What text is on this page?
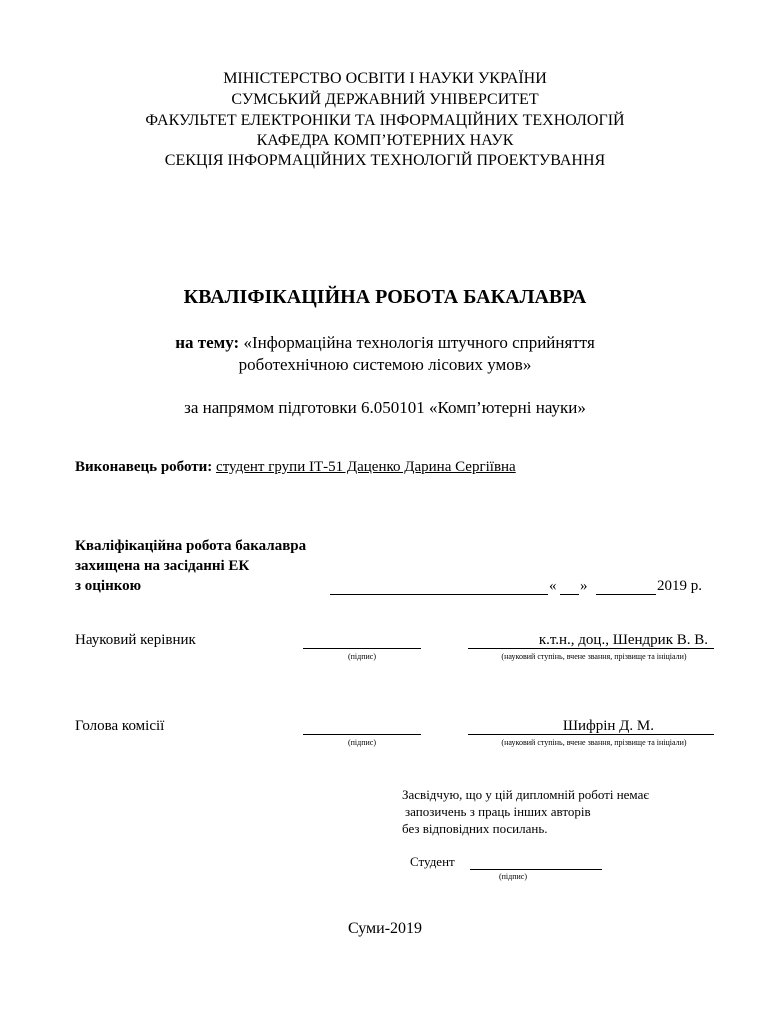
МІНІСТЕРСТВО ОСВІТИ І НАУКИ УКРАЇНИ
СУМСЬКИЙ ДЕРЖАВНИЙ УНІВЕРСИТЕТ
ФАКУЛЬТЕТ ЕЛЕКТРОНІКИ ТА ІНФОРМАЦІЙНИХ ТЕХНОЛОГІЙ
КАФЕДРА КОМП’ЮТЕРНИХ НАУК
СЕКЦІЯ ІНФОРМАЦІЙНИХ ТЕХНОЛОГІЙ ПРОЕКТУВАННЯ
КВАЛІФІКАЦІЙНА РОБОТА БАКАЛАВРА
на тему: «Інформаційна технологія штучного сприйняття
роботехнічною системою лісових умов»
за напрямом підготовки 6.050101 «Комп’ютерні науки»
Виконавець роботи: студент групи ІТ-51 Даценко Дарина Сергіївна
Кваліфікаційна робота бакалавра
захищена на засіданні ЕК
з оцінкою	« »	2019 р.
Науковий керівник
(підпис)
к.т.н., доц., Шендрик В. В.
(науковий ступінь, вчене звання, прізвище та ініціали)
Голова комісії
(підпис)
Шифрін Д. М.
(науковий ступінь, вчене звання, прізвище та ініціали)
Засвідчую, що у цій дипломній роботі немає
запозичень з праць інших авторів
без відповідних посилань.
Студент
(підпис)
Суми-2019
